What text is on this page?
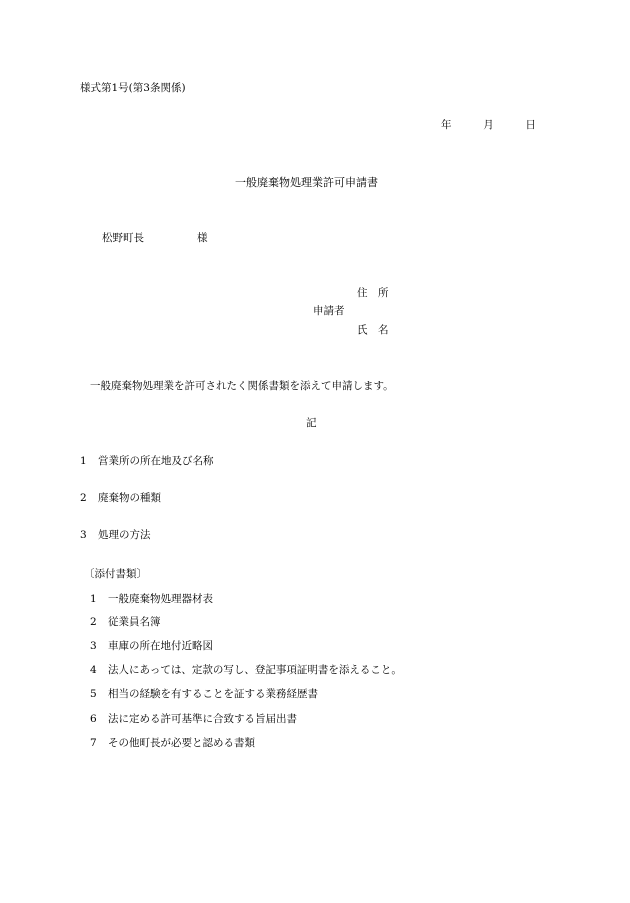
様式第1号(第3条関係)
年	月	日
一般廃棄物処理業許可申請書
松野町長	様
住　所
申請者
氏　名
一般廃棄物処理業を許可されたく関係書類を添えて申請します。
記
1 営業所の所在地及び名称
2 廃棄物の種類
3 処理の方法
〔添付書類〕
1 一般廃棄物処理器材表
2 従業員名簿
3 車庫の所在地付近略図
4 法人にあっては、定款の写し、登記事項証明書を添えること。
5 相当の経験を有することを証する業務経歴書
6 法に定める許可基準に合致する旨届出書
7 その他町長が必要と認める書類
